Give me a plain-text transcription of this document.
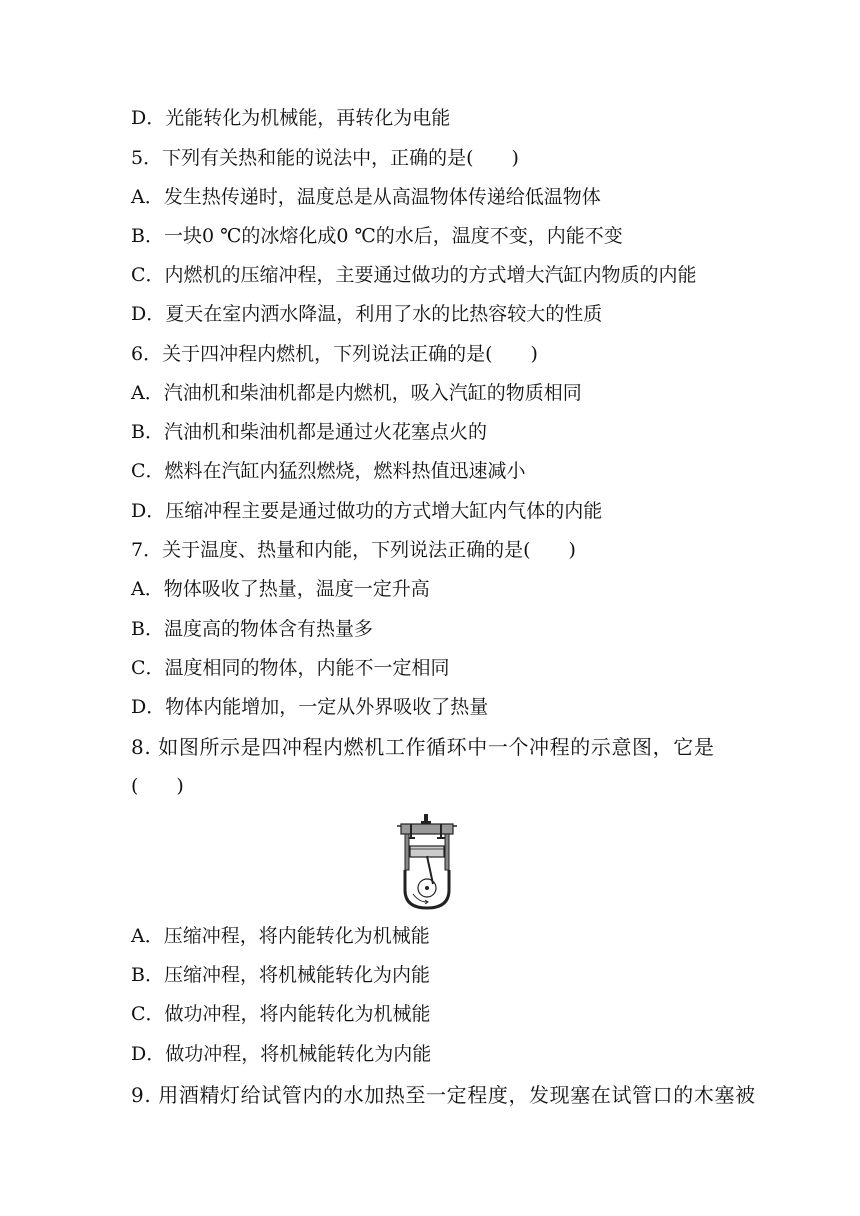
D．光能转化为机械能，再转化为电能
5．下列有关热和能的说法中，正确的是(　　)
A．发生热传递时，温度总是从高温物体传递给低温物体
B．一块0 ℃的冰熔化成0 ℃的水后，温度不变，内能不变
C．内燃机的压缩冲程，主要通过做功的方式增大汽缸内物质的内能
D．夏天在室内洒水降温，利用了水的比热容较大的性质
6．关于四冲程内燃机，下列说法正确的是(　　)
A．汽油机和柴油机都是内燃机，吸入汽缸的物质相同
B．汽油机和柴油机都是通过火花塞点火的
C．燃料在汽缸内猛烈燃烧，燃料热值迅速减小
D．压缩冲程主要是通过做功的方式增大缸内气体的内能
7．关于温度、热量和内能，下列说法正确的是(　　)
A．物体吸收了热量，温度一定升高
B．温度高的物体含有热量多
C．温度相同的物体，内能不一定相同
D．物体内能增加，一定从外界吸收了热量
8. 如图所示是四冲程内燃机工作循环中一个冲程的示意图，它是
(　　)
A．压缩冲程，将内能转化为机械能
B．压缩冲程，将机械能转化为内能
C．做功冲程，将内能转化为机械能
D．做功冲程，将机械能转化为内能
9. 用酒精灯给试管内的水加热至一定程度，发现塞在试管口的木塞被
